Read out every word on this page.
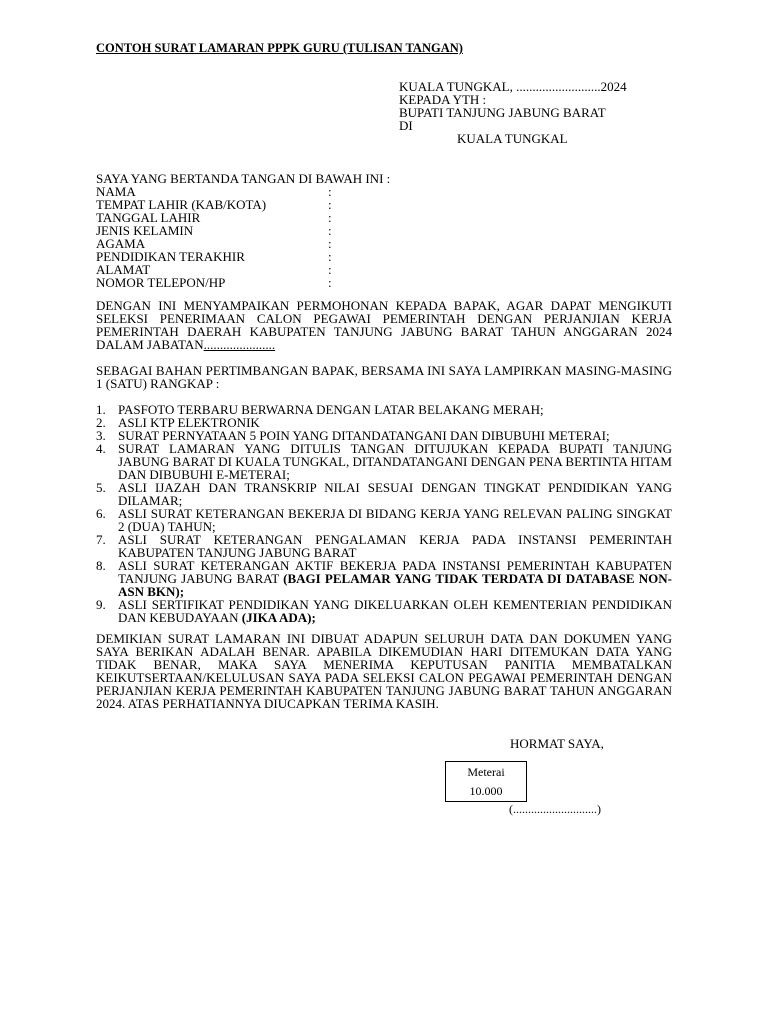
CONTOH SURAT LAMARAN PPPK GURU (TULISAN TANGAN)
KUALA TUNGKAL, ..........................2024
KEPADA YTH :
BUPATI TANJUNG JABUNG BARAT
DI
KUALA TUNGKAL
SAYA YANG BERTANDA TANGAN DI BAWAH INI :
NAMA	:
TEMPAT LAHIR (KAB/KOTA)	:
TANGGAL LAHIR	:
JENIS KELAMIN	:
AGAMA	:
PENDIDIKAN TERAKHIR	:
ALAMAT	:
NOMOR TELEPON/HP	:
DENGAN INI MENYAMPAIKAN PERMOHONAN KEPADA BAPAK, AGAR DAPAT MENGIKUTI SELEKSI PENERIMAAN CALON PEGAWAI PEMERINTAH DENGAN PERJANJIAN KERJA PEMERINTAH DAERAH KABUPATEN TANJUNG JABUNG BARAT TAHUN ANGGARAN 2024 DALAM JABATAN......................
SEBAGAI BAHAN PERTIMBANGAN BAPAK, BERSAMA INI SAYA LAMPIRKAN MASING-MASING 1 (SATU) RANGKAP :
1. PASFOTO TERBARU BERWARNA DENGAN LATAR BELAKANG MERAH;
2. ASLI KTP ELEKTRONIK
3. SURAT PERNYATAAN 5 POIN YANG DITANDATANGANI DAN DIBUBUHI METERAI;
4. SURAT LAMARAN YANG DITULIS TANGAN DITUJUKAN KEPADA BUPATI TANJUNG JABUNG BARAT DI KUALA TUNGKAL, DITANDATANGANI DENGAN PENA BERTINTA HITAM DAN DIBUBUHI E-METERAI;
5. ASLI IJAZAH DAN TRANSKRIP NILAI SESUAI DENGAN TINGKAT PENDIDIKAN YANG DILAMAR;
6. ASLI SURAT KETERANGAN BEKERJA DI BIDANG KERJA YANG RELEVAN PALING SINGKAT 2 (DUA) TAHUN;
7. ASLI SURAT KETERANGAN PENGALAMAN KERJA PADA INSTANSI PEMERINTAH KABUPATEN TANJUNG JABUNG BARAT
8. ASLI SURAT KETERANGAN AKTIF BEKERJA PADA INSTANSI PEMERINTAH KABUPATEN TANJUNG JABUNG BARAT (BAGI PELAMAR YANG TIDAK TERDATA DI DATABASE NON-ASN BKN);
9. ASLI SERTIFIKAT PENDIDIKAN YANG DIKELUARKAN OLEH KEMENTERIAN PENDIDIKAN DAN KEBUDAYAAN (JIKA ADA);
DEMIKIAN SURAT LAMARAN INI DIBUAT ADAPUN SELURUH DATA DAN DOKUMEN YANG SAYA BERIKAN ADALAH BENAR. APABILA DIKEMUDIAN HARI DITEMUKAN DATA YANG TIDAK BENAR, MAKA SAYA MENERIMA KEPUTUSAN PANITIA MEMBATALKAN KEIKUTSERTAAN/KELULUSAN SAYA PADA SELEKSI CALON PEGAWAI PEMERINTAH DENGAN PERJANJIAN KERJA PEMERINTAH KABUPATEN TANJUNG JABUNG BARAT TAHUN ANGGARAN 2024. ATAS PERHATIANNYA DIUCAPKAN TERIMA KASIH.
HORMAT SAYA,
Meterai
10.000
(............................)
